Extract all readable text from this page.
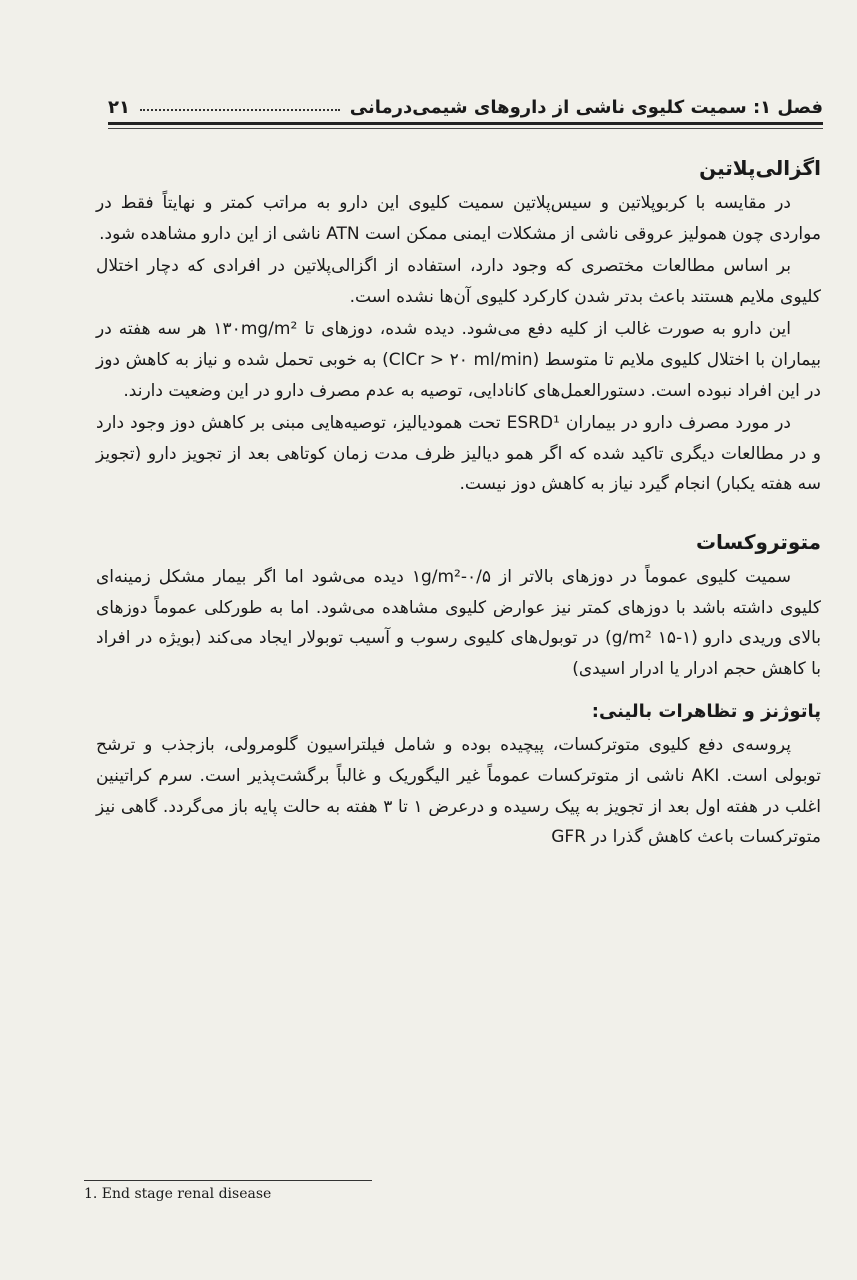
فصل ۱: سمیت کلیوی ناشی از داروهای شیمی‌درمانی
۲۱
اگزالی‌پلاتین

در مقایسه با کربوپلاتین و سیس‌پلاتین سمیت کلیوی این دارو به مراتب کمتر و نهایتاً فقط در مواردی چون همولیز عروقی ناشی از مشکلات ایمنی ممکن است ATN ناشی از این دارو مشاهده شود.

بر اساس مطالعات مختصری که وجود دارد، استفاده از اگزالی‌پلاتین در افرادی که دچار اختلال کلیوی ملایم هستند باعث بدتر شدن کارکرد کلیوی آن‌ها نشده است.

این دارو به صورت غالب از کلیه دفع می‌شود. دیده شده، دوزهای تا ۱۳۰mg/m² هر سه هفته در بیماران با اختلال کلیوی ملایم تا متوسط (ClCr > ۲۰ ml/min) به خوبی تحمل شده و نیاز به کاهش دوز در این افراد نبوده است. دستورالعمل‌های کانادایی، توصیه به عدم مصرف دارو در این وضعیت دارند.

در مورد مصرف دارو در بیماران ESRD¹ تحت همودیالیز، توصیه‌هایی مبنی بر کاهش دوز وجود دارد و در مطالعات دیگری تاکید شده که اگر همو دیالیز ظرف مدت زمان کوتاهی بعد از تجویز دارو (تجویز سه هفته یکبار) انجام گیرد نیاز به کاهش دوز نیست.

متوتروکسات

سمیت کلیوی عموماً در دوزهای بالاتر از ۰/۵-۱g/m² دیده می‌شود اما اگر بیمار مشکل زمینه‌ای کلیوی داشته باشد با دوزهای کمتر نیز عوارض کلیوی مشاهده می‌شود. اما به طورکلی عموماً دوزهای بالای وریدی دارو (۱-۱۵ g/m²) در توبول‌های کلیوی رسوب و آسیب توبولار ایجاد می‌کند (بویژه در افراد با کاهش حجم ادرار یا ادرار اسیدی)

پاتوژنز و تظاهرات بالینی:

پروسه‌ی دفع کلیوی متوترکسات، پیچیده بوده و شامل فیلتراسیون گلومرولی، بازجذب و ترشح توبولی است. AKI ناشی از متوترکسات عموماً غیر الیگوریک و غالباً برگشت‌پذیر است. سرم کراتینین اغلب در هفته اول بعد از تجویز به پیک رسیده و درعرض ۱ تا ۳ هفته به حالت پایه باز می‌گردد. گاهی نیز متوترکسات باعث کاهش گذرا در GFR

1. End stage renal disease
